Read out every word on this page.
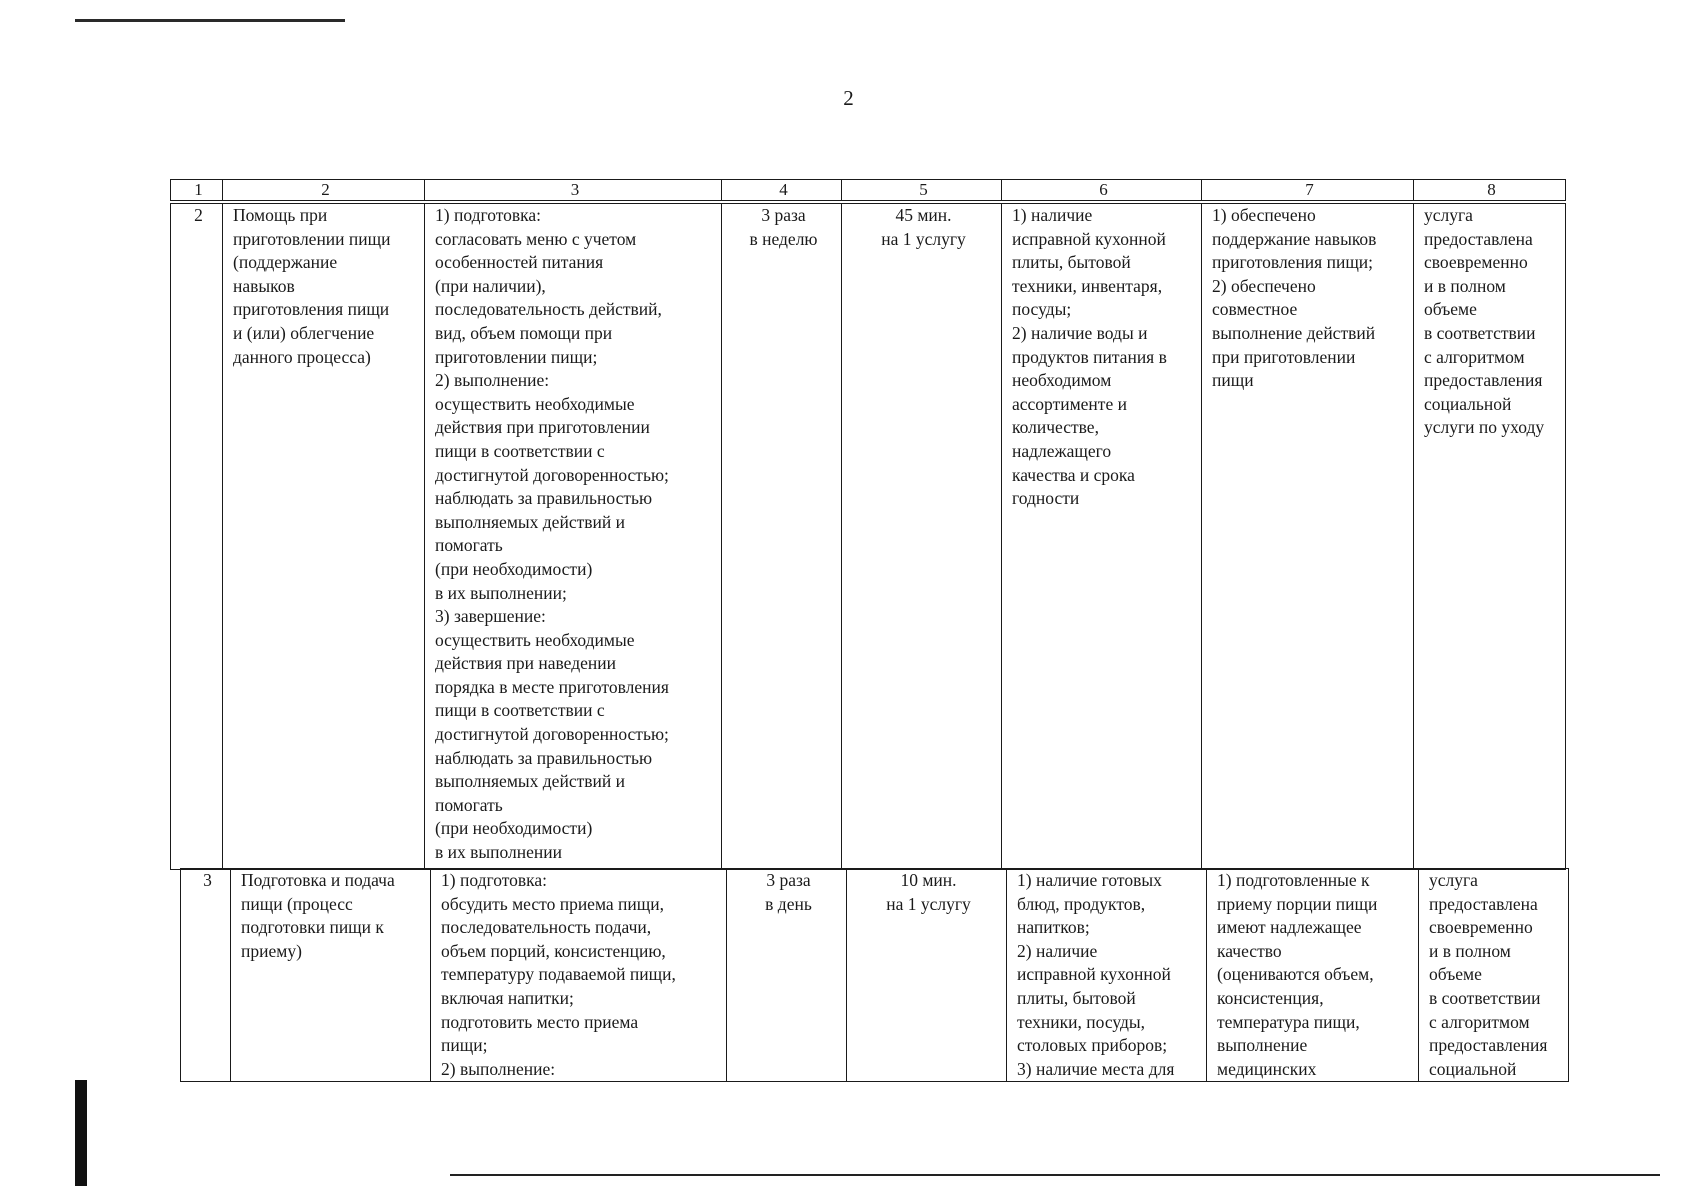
2
1	2	3	4	5	6	7	8
2	Помощь при
приготовлении пищи
(поддержание
навыков
приготовления пищи
и (или) облегчение
данного процесса)	1) подготовка:
согласовать меню с учетом
особенностей питания
(при наличии),
последовательность действий,
вид, объем помощи при
приготовлении пищи;
2) выполнение:
осуществить необходимые
действия при приготовлении
пищи в соответствии с
достигнутой договоренностью;
наблюдать за правильностью
выполняемых действий и
помогать
(при необходимости)
в их выполнении;
3) завершение:
осуществить необходимые
действия при наведении
порядка в месте приготовления
пищи в соответствии с
достигнутой договоренностью;
наблюдать за правильностью
выполняемых действий и
помогать
(при необходимости)
в их выполнении	3 раза
в неделю	45 мин.
на 1 услугу	1) наличие
исправной кухонной
плиты, бытовой
техники, инвентаря,
посуды;
2) наличие воды и
продуктов питания в
необходимом
ассортименте и
количестве,
надлежащего
качества и срока
годности	1) обеспечено
поддержание навыков
приготовления пищи;
2) обеспечено
совместное
выполнение действий
при приготовлении
пищи	услуга
предоставлена
своевременно
и в полном
объеме
в соответствии
с алгоритмом
предоставления
социальной
услуги по уходу
3	Подготовка и подача
пищи (процесс
подготовки пищи к
приему)	1) подготовка:
обсудить место приема пищи,
последовательность подачи,
объем порций, консистенцию,
температуру подаваемой пищи,
включая напитки;
подготовить место приема
пищи;
2) выполнение:	3 раза
в день	10 мин.
на 1 услугу	1) наличие готовых
блюд, продуктов,
напитков;
2) наличие
исправной кухонной
плиты, бытовой
техники, посуды,
столовых приборов;
3) наличие места для	1) подготовленные к
приему порции пищи
имеют надлежащее
качество
(оцениваются объем,
консистенция,
температура пищи,
выполнение
медицинских	услуга
предоставлена
своевременно
и в полном
объеме
в соответствии
с алгоритмом
предоставления
социальной
